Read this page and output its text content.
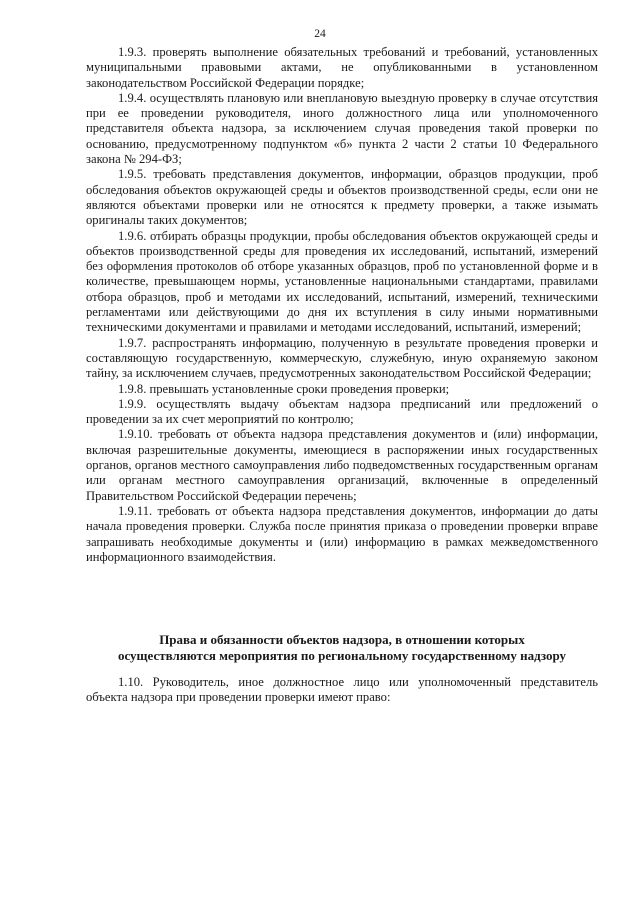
24

1.9.3. проверять выполнение обязательных требований и требований, установленных муниципальными правовыми актами, не опубликованными в установленном законодательством Российской Федерации порядке;

1.9.4. осуществлять плановую или внеплановую выездную проверку в случае отсутствия при ее проведении руководителя, иного должностного лица или уполномоченного представителя объекта надзора, за исключением случая проведения такой проверки по основанию, предусмотренному подпунктом «б» пункта 2 части 2 статьи 10 Федерального закона № 294-ФЗ;

1.9.5. требовать представления документов, информации, образцов продукции, проб обследования объектов окружающей среды и объектов производственной среды, если они не являются объектами проверки или не относятся к предмету проверки, а также изымать оригиналы таких документов;

1.9.6. отбирать образцы продукции, пробы обследования объектов окружающей среды и объектов производственной среды для проведения их исследований, испытаний, измерений без оформления протоколов об отборе указанных образцов, проб по установленной форме и в количестве, превышающем нормы, установленные национальными стандартами, правилами отбора образцов, проб и методами их исследований, испытаний, измерений, техническими регламентами или действующими до дня их вступления в силу иными нормативными техническими документами и правилами и методами исследований, испытаний, измерений;

1.9.7. распространять информацию, полученную в результате проведения проверки и составляющую государственную, коммерческую, служебную, иную охраняемую законом тайну, за исключением случаев, предусмотренных законодательством Российской Федерации;

1.9.8. превышать установленные сроки проведения проверки;

1.9.9. осуществлять выдачу объектам надзора предписаний или предложений о проведении за их счет мероприятий по контролю;

1.9.10. требовать от объекта надзора представления документов и (или) информации, включая разрешительные документы, имеющиеся в распоряжении иных государственных органов, органов местного самоуправления либо подведомственных государственным органам или органам местного самоуправления организаций, включенные в определенный Правительством Российской Федерации перечень;

1.9.11. требовать от объекта надзора представления документов, информации до даты начала проведения проверки. Служба после принятия приказа о проведении проверки вправе запрашивать необходимые документы и (или) информацию в рамках межведомственного информационного взаимодействия.

Права и обязанности объектов надзора, в отношении которых
осуществляются мероприятия по региональному государственному надзору

1.10. Руководитель, иное должностное лицо или уполномоченный представитель объекта надзора при проведении проверки имеют право:
